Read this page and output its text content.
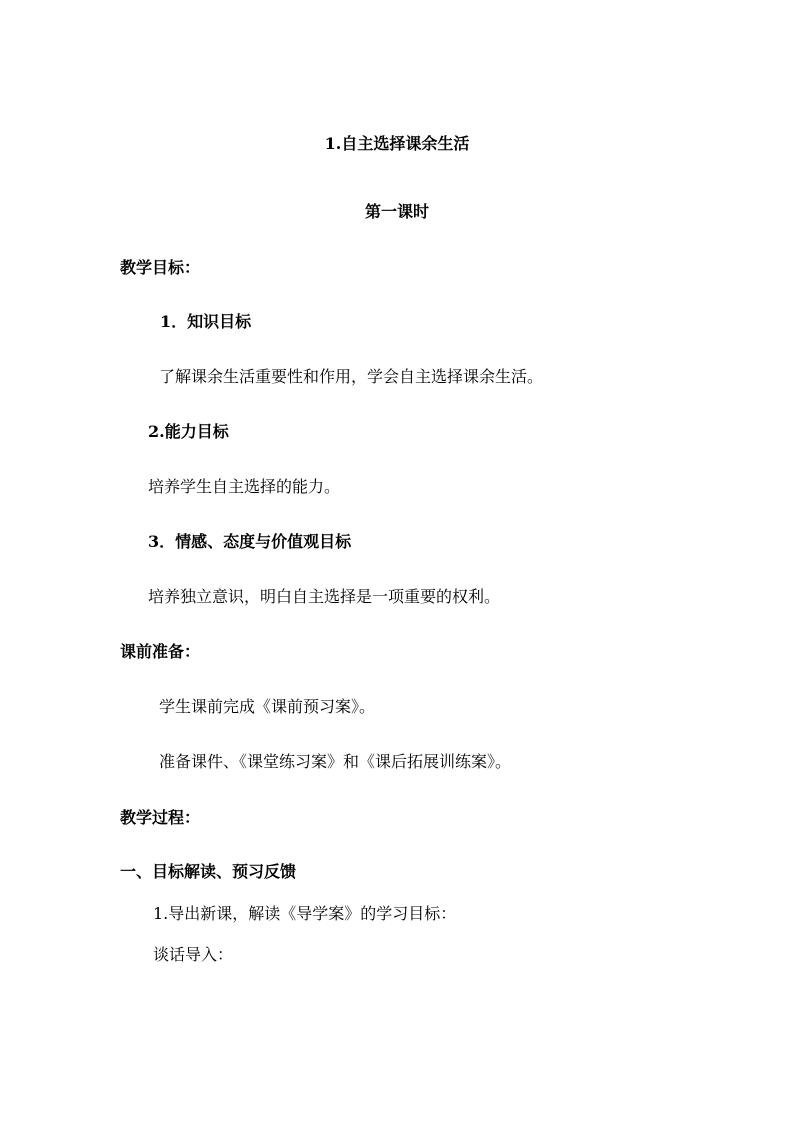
1.自主选择课余生活
第一课时
教学目标：
1．知识目标
了解课余生活重要性和作用，学会自主选择课余生活。
2.能力目标
培养学生自主选择的能力。
3．情感、态度与价值观目标
培养独立意识，明白自主选择是一项重要的权利。
课前准备：
学生课前完成《课前预习案》。
准备课件、《课堂练习案》和《课后拓展训练案》。
教学过程：
一、目标解读、预习反馈
1.导出新课，解读《导学案》的学习目标：
谈话导入：
